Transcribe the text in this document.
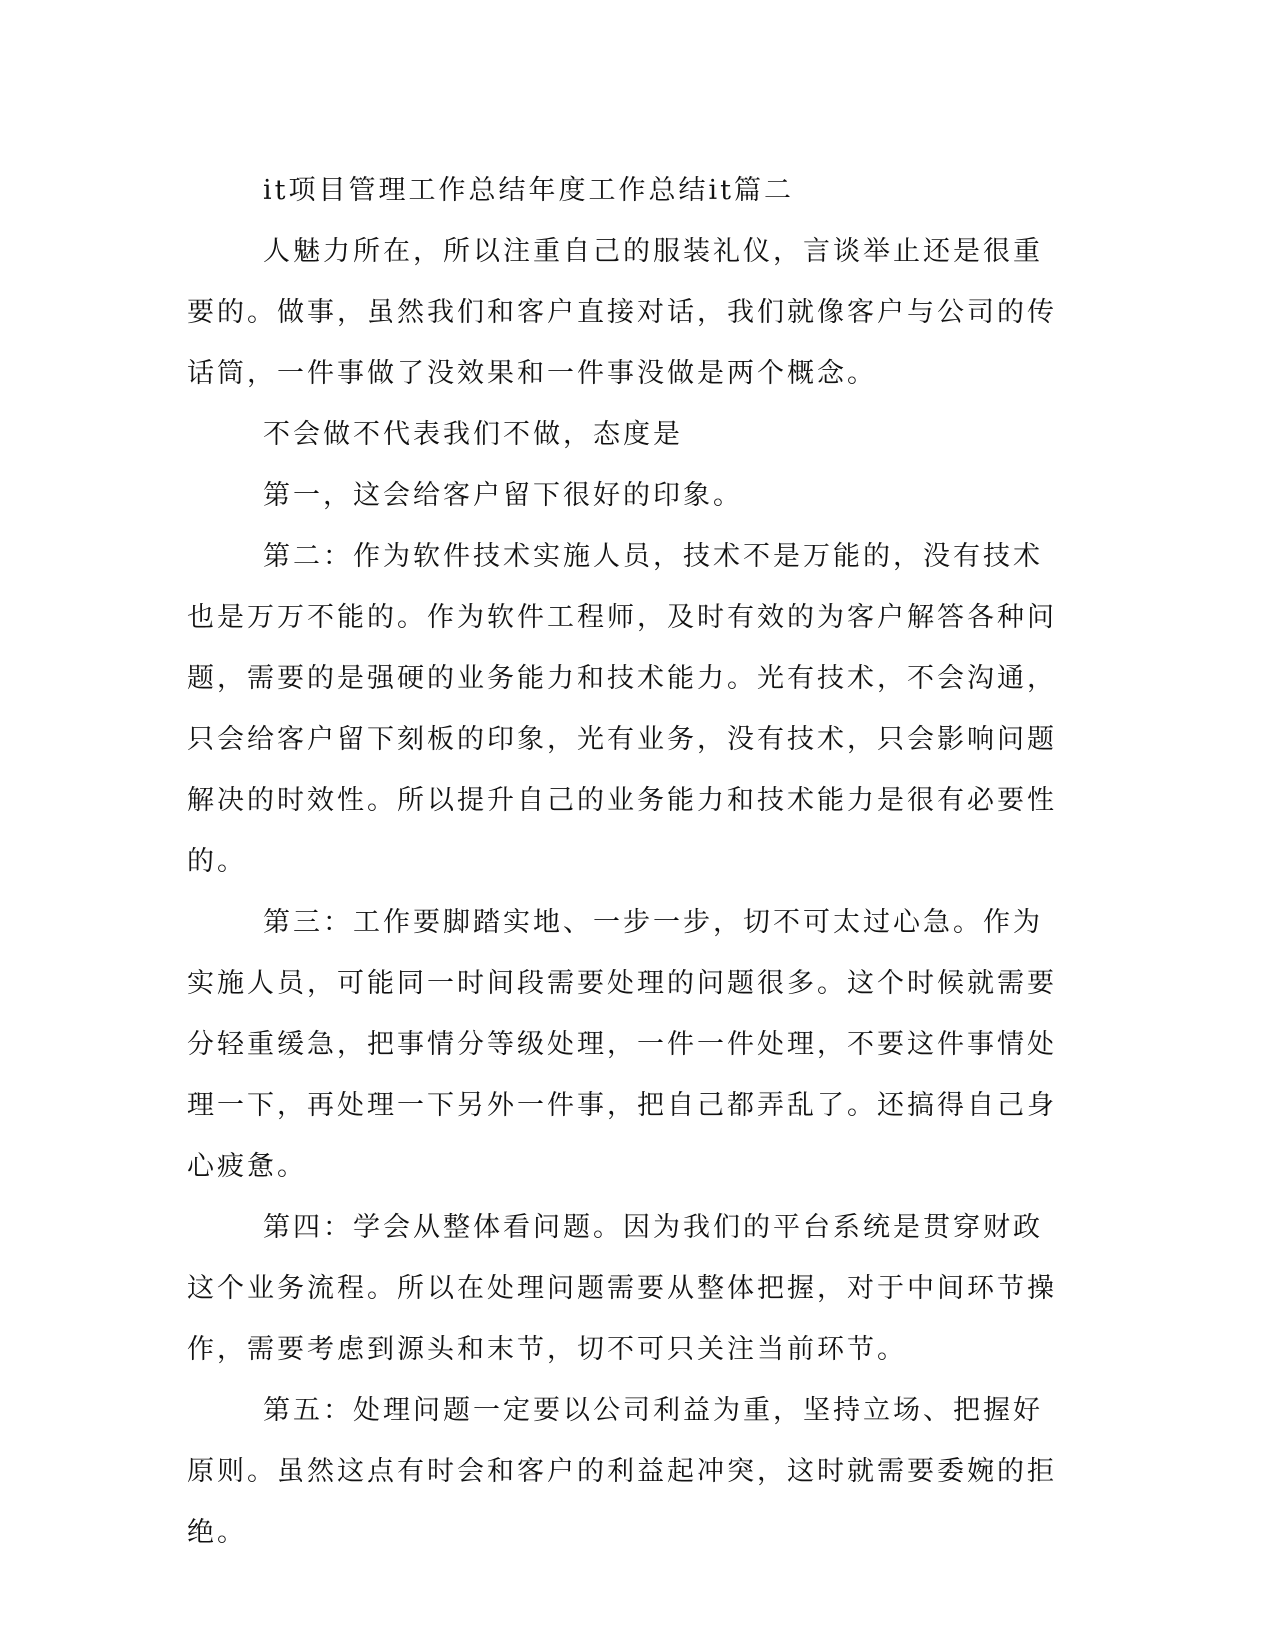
it项目管理工作总结年度工作总结it篇二

人魅力所在，所以注重自己的服装礼仪，言谈举止还是很重要的。做事，虽然我们和客户直接对话，我们就像客户与公司的传话筒，一件事做了没效果和一件事没做是两个概念。

不会做不代表我们不做，态度是

第一，这会给客户留下很好的印象。

第二：作为软件技术实施人员，技术不是万能的，没有技术也是万万不能的。作为软件工程师，及时有效的为客户解答各种问题，需要的是强硬的业务能力和技术能力。光有技术，不会沟通，只会给客户留下刻板的印象，光有业务，没有技术，只会影响问题解决的时效性。所以提升自己的业务能力和技术能力是很有必要性的。

第三：工作要脚踏实地、一步一步，切不可太过心急。作为实施人员，可能同一时间段需要处理的问题很多。这个时候就需要分轻重缓急，把事情分等级处理，一件一件处理，不要这件事情处理一下，再处理一下另外一件事，把自己都弄乱了。还搞得自己身心疲惫。

第四：学会从整体看问题。因为我们的平台系统是贯穿财政这个业务流程。所以在处理问题需要从整体把握，对于中间环节操作，需要考虑到源头和末节，切不可只关注当前环节。

第五：处理问题一定要以公司利益为重，坚持立场、把握好原则。虽然这点有时会和客户的利益起冲突，这时就需要委婉的拒绝。
